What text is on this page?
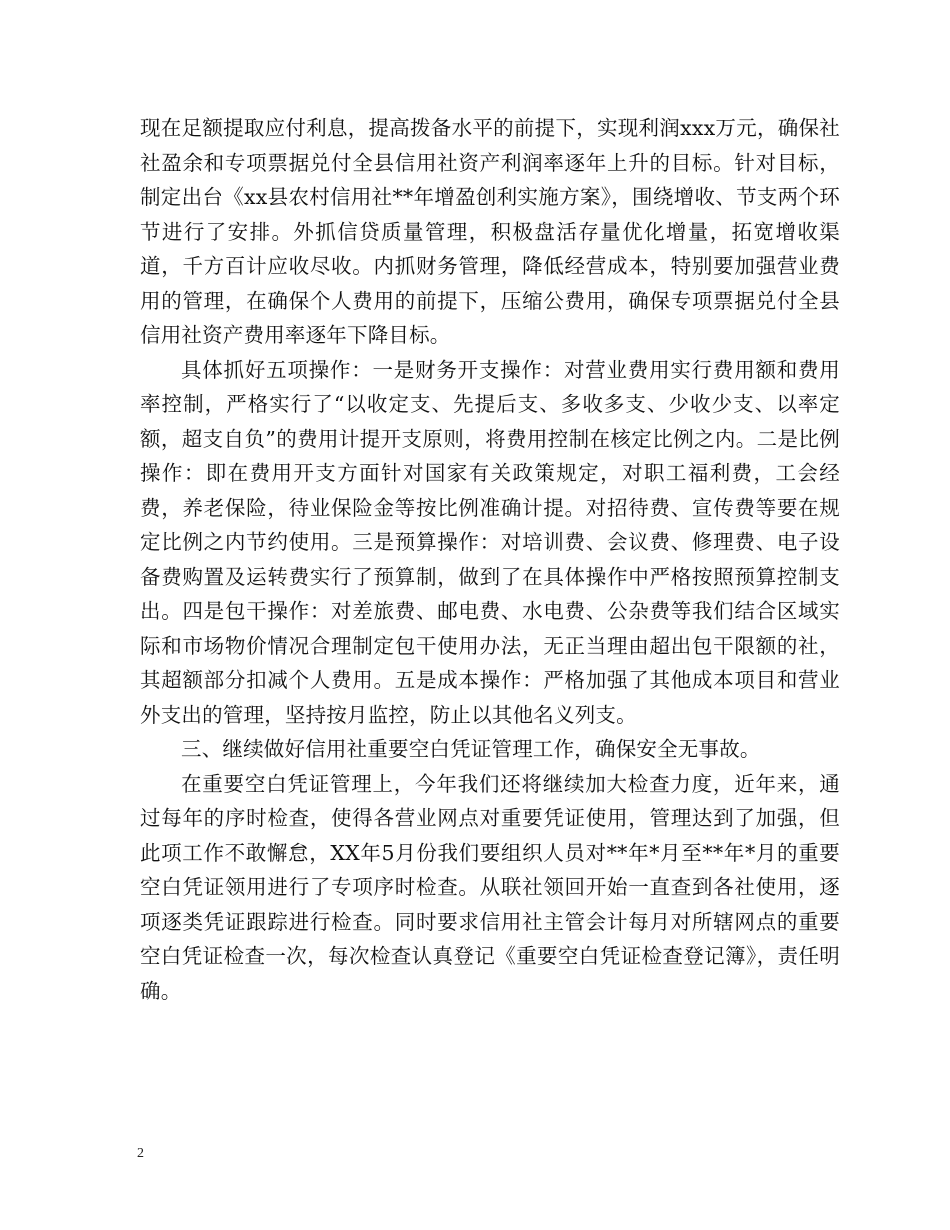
现在足额提取应付利息，提高拨备水平的前提下，实现利润xxx万元，确保社社盈余和专项票据兑付全县信用社资产利润率逐年上升的目标。针对目标，制定出台《xx县农村信用社**年增盈创利实施方案》，围绕增收、节支两个环节进行了安排。外抓信贷质量管理，积极盘活存量优化增量，拓宽增收渠道，千方百计应收尽收。内抓财务管理，降低经营成本，特别要加强营业费用的管理，在确保个人费用的前提下，压缩公费用，确保专项票据兑付全县信用社资产费用率逐年下降目标。

具体抓好五项操作：一是财务开支操作：对营业费用实行费用额和费用率控制，严格实行了“以收定支、先提后支、多收多支、少收少支、以率定额，超支自负”的费用计提开支原则，将费用控制在核定比例之内。二是比例操作：即在费用开支方面针对国家有关政策规定，对职工福利费，工会经费，养老保险，待业保险金等按比例准确计提。对招待费、宣传费等要在规定比例之内节约使用。三是预算操作：对培训费、会议费、修理费、电子设备费购置及运转费实行了预算制，做到了在具体操作中严格按照预算控制支出。四是包干操作：对差旅费、邮电费、水电费、公杂费等我们结合区域实际和市场物价情况合理制定包干使用办法，无正当理由超出包干限额的社，其超额部分扣减个人费用。五是成本操作：严格加强了其他成本项目和营业外支出的管理，坚持按月监控，防止以其他名义列支。

三、继续做好信用社重要空白凭证管理工作，确保安全无事故。

在重要空白凭证管理上，今年我们还将继续加大检查力度，近年来，通过每年的序时检查，使得各营业网点对重要凭证使用，管理达到了加强，但此项工作不敢懈怠，XX年5月份我们要组织人员对**年*月至**年*月的重要空白凭证领用进行了专项序时检查。从联社领回开始一直查到各社使用，逐项逐类凭证跟踪进行检查。同时要求信用社主管会计每月对所辖网点的重要空白凭证检查一次，每次检查认真登记《重要空白凭证检查登记簿》，责任明确。

2
